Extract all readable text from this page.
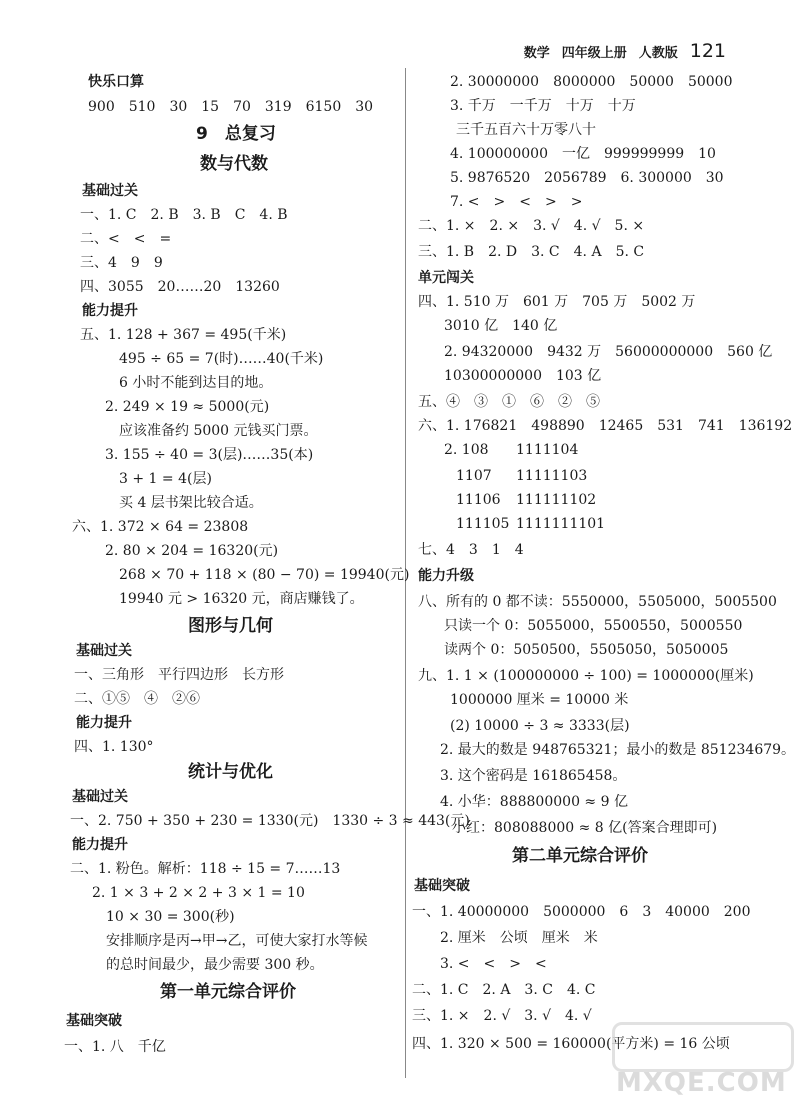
数学 四年级上册 人教版 121
快乐口算
900　510　30　15　70　319　6150　30
9　总复习
数与代数
基础过关
一、1. C　2. B　3. B　C　4. B
二、<　<　=
三、4　9　9
四、3055　20……20　13260
能力提升
五、1. 128 + 367 = 495(千米)
495 ÷ 65 = 7(时)……40(千米)
6 小时不能到达目的地。
2. 249 × 19 ≈ 5000(元)
应该准备约 5000 元钱买门票。
3. 155 ÷ 40 = 3(层)……35(本)
3 + 1 = 4(层)
买 4 层书架比较合适。
六、1. 372 × 64 = 23808
2. 80 × 204 = 16320(元)
268 × 70 + 118 × (80 − 70) = 19940(元)
19940 元 > 16320 元，商店赚钱了。
图形与几何
基础过关
一、三角形　平行四边形　长方形
二、①⑤　④　②⑥
能力提升
四、1. 130°
统计与优化
基础过关
一、2. 750 + 350 + 230 = 1330(元)　1330 ÷ 3 ≈ 443(元)
能力提升
二、1. 粉色。解析：118 ÷ 15 = 7……13
2. 1 × 3 + 2 × 2 + 3 × 1 = 10
10 × 30 = 300(秒)
安排顺序是丙→甲→乙，可使大家打水等候
的总时间最少，最少需要 300 秒。
第一单元综合评价
基础突破
一、1. 八　千亿
2. 30000000　8000000　50000　50000
3. 千万　一千万　十万　十万
三千五百六十万零八十
4. 100000000　一亿　999999999　10
5. 9876520　2056789　6. 300000　30
7. <　>　<　>　>
二、1. ×　2. ×　3. √　4. √　5. ×
三、1. B　2. D　3. C　4. A　5. C
单元闯关
四、1. 510 万　601 万　705 万　5002 万
3010 亿　140 亿
2. 94320000　9432 万　56000000000　560 亿
10300000000　103 亿
五、④　③　①　⑥　②　⑤
六、1. 176821　498890　12465　531　741　136192
2. 108 1111104
1107 11111103
11106 111111102
111105 1111111101
七、4　3　1　4
能力升级
八、所有的 0 都不读：5550000，5505000，5005500
只读一个 0：5055000，5500550，5000550
读两个 0：5050500，5505050，5050005
九、1. 1 × (100000000 ÷ 100) = 1000000(厘米)
1000000 厘米 = 10000 米
(2) 10000 ÷ 3 ≈ 3333(层)
2. 最大的数是 948765321；最小的数是 851234679。
3. 这个密码是 161865458。
4. 小华：888800000 ≈ 9 亿
小红：808088000 ≈ 8 亿(答案合理即可)
第二单元综合评价
基础突破
一、1. 40000000　5000000　6　3　40000　200
2. 厘米　公顷　厘米　米
3. <　<　>　<
二、1. C　2. A　3. C　4. C
三、1. ×　2. √　3. √　4. √
四、1. 320 × 500 = 160000(平方米) = 16 公顷
MXQE.COM
